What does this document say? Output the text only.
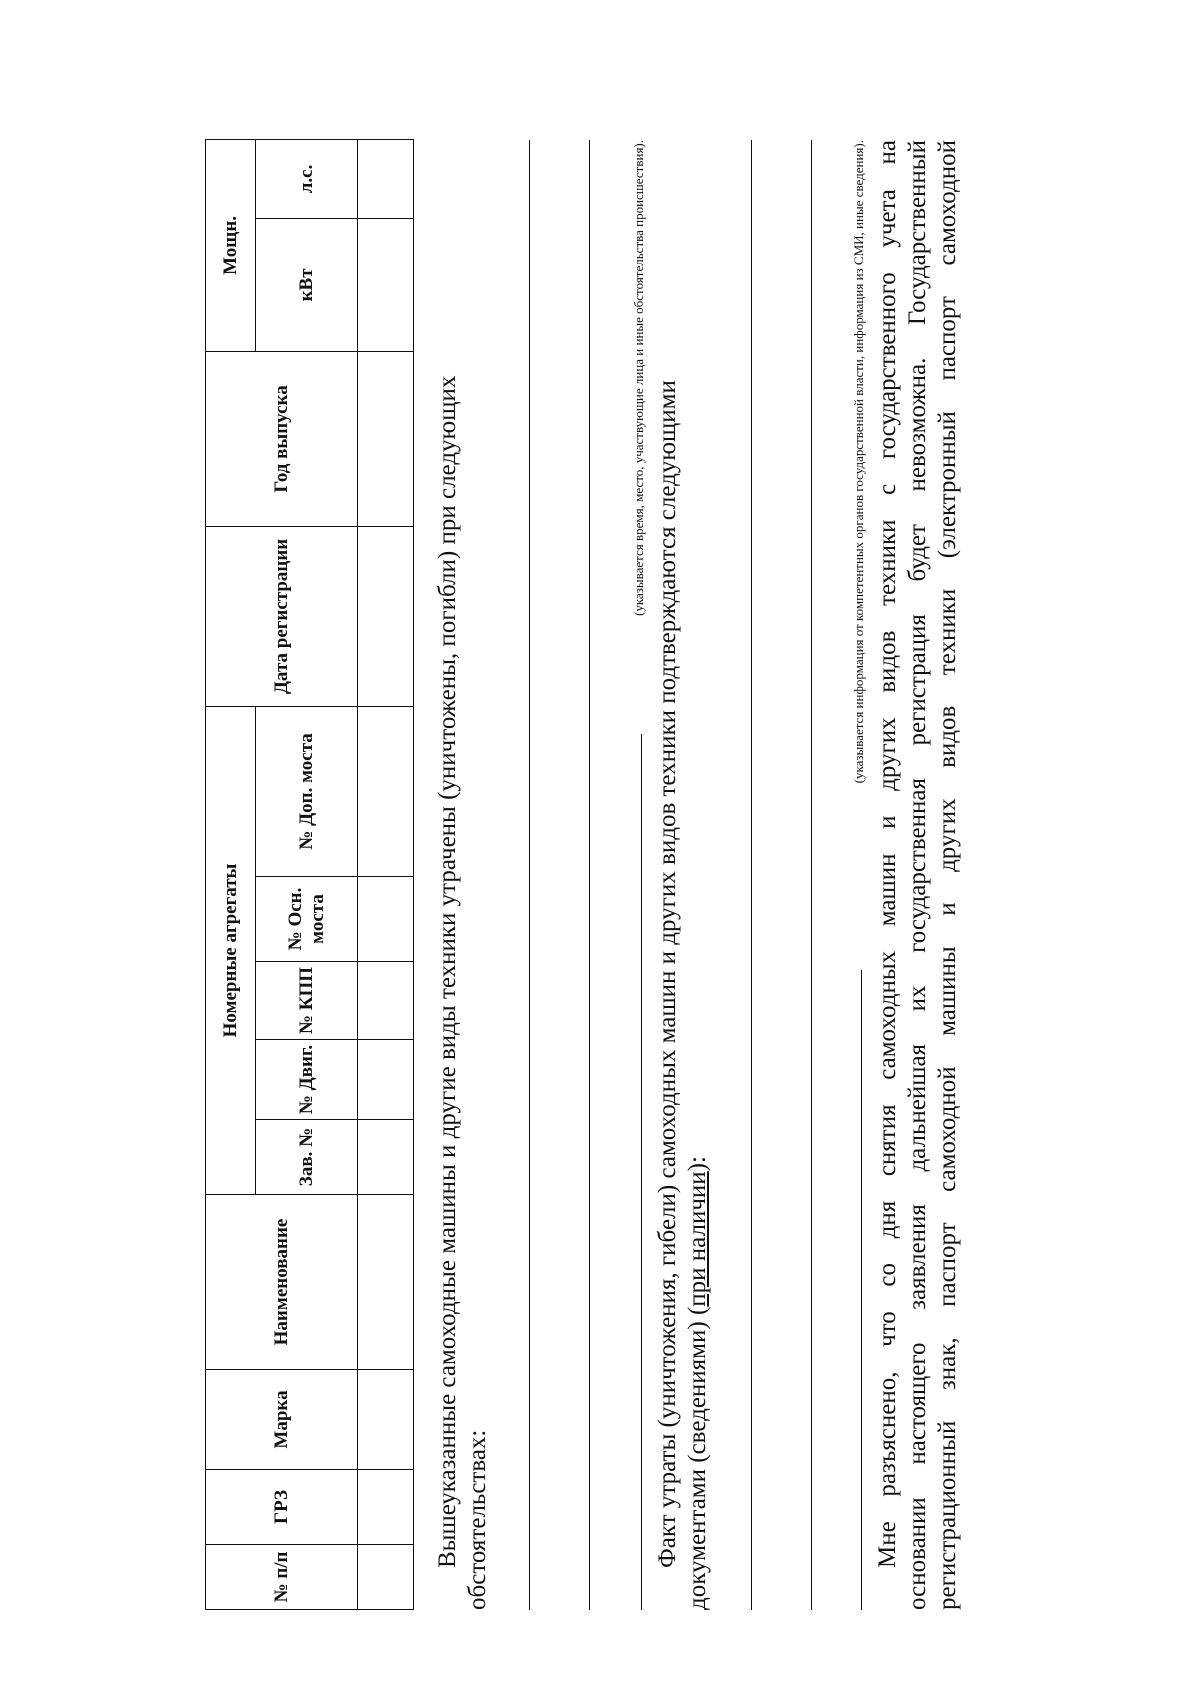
№ п/п	ГРЗ	Марка	Наименование	Номерные агрегаты					Дата регистрации	Год выпуска	Мощн.	
				Зав. №	№ Двиг.	№ КПП	№ Осн. моста	№ Доп. моста			кВт	л.с.

Вышеуказанные самоходные машины и другие виды техники утрачены (уничтожены, погибли) при следующих обстоятельствах:

(указывается время, место, участвующие лица и иные обстоятельства происшествия).

Факт утраты (уничтожения, гибели) самоходных машин и других видов техники подтверждаются следующими документами (сведениями) (при наличии):

(указывается информация от компетентных органов государственной власти, информация из СМИ, иные сведения). Мне разъяснено, что со дня снятия самоходных машин и других видов техники с государственного учета на основании настоящего заявления дальнейшая их государственная регистрация будет невозможна. Государственный регистрационный знак, паспорт самоходной машины и других видов техники (электронный паспорт самоходной
